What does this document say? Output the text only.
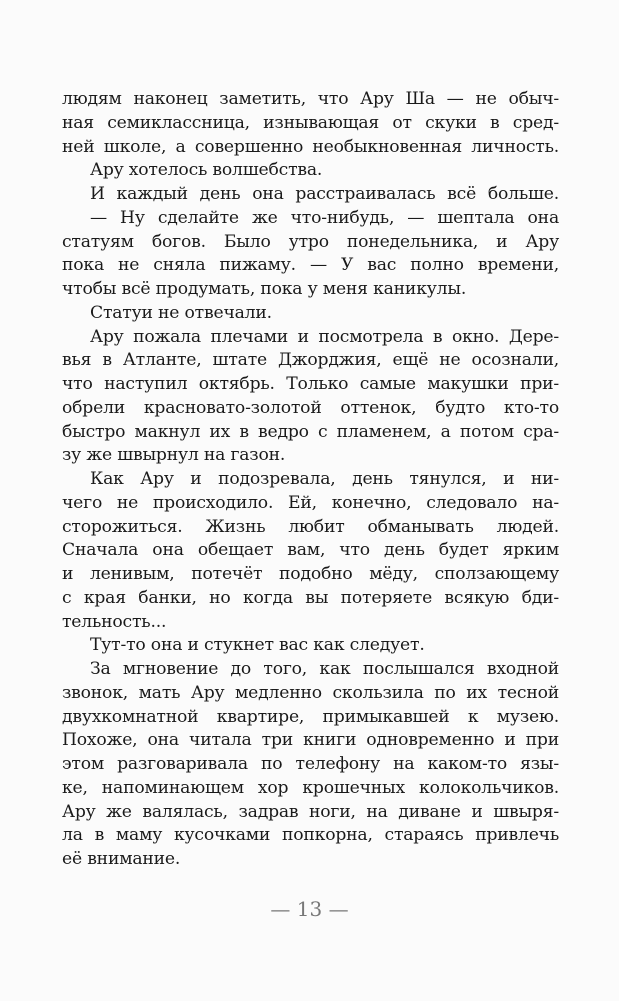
людям наконец заметить, что Ару Ша — не обыч-
ная семиклассница, изнывающая от скуки в сред-
ней школе, а совершенно необыкновенная личность.
Ару хотелось волшебства.
И каждый день она расстраивалась всё больше.
— Ну сделайте же что-нибудь, — шептала она
статуям богов. Было утро понедельника, и Ару
пока не сняла пижаму. — У вас полно времени,
чтобы всё продумать, пока у меня каникулы.
Статуи не отвечали.
Ару пожала плечами и посмотрела в окно. Дере-
вья в Атланте, штате Джорджия, ещё не осознали,
что наступил октябрь. Только самые макушки при-
обрели красновато-золотой оттенок, будто кто-то
быстро макнул их в ведро с пламенем, а потом сра-
зу же швырнул на газон.
Как Ару и подозревала, день тянулся, и ни-
чего не происходило. Ей, конечно, следовало на-
сторожиться. Жизнь любит обманывать людей.
Сначала она обещает вам, что день будет ярким
и ленивым, потечёт подобно мёду, сползающему
с края банки, но когда вы потеряете всякую бди-
тельность...
Тут-то она и стукнет вас как следует.
За мгновение до того, как послышался входной
звонок, мать Ару медленно скользила по их тесной
двухкомнатной квартире, примыкавшей к музею.
Похоже, она читала три книги одновременно и при
этом разговаривала по телефону на каком-то язы-
ке, напоминающем хор крошечных колокольчиков.
Ару же валялась, задрав ноги, на диване и швыря-
ла в маму кусочками попкорна, стараясь привлечь
её внимание.
— 13 —
